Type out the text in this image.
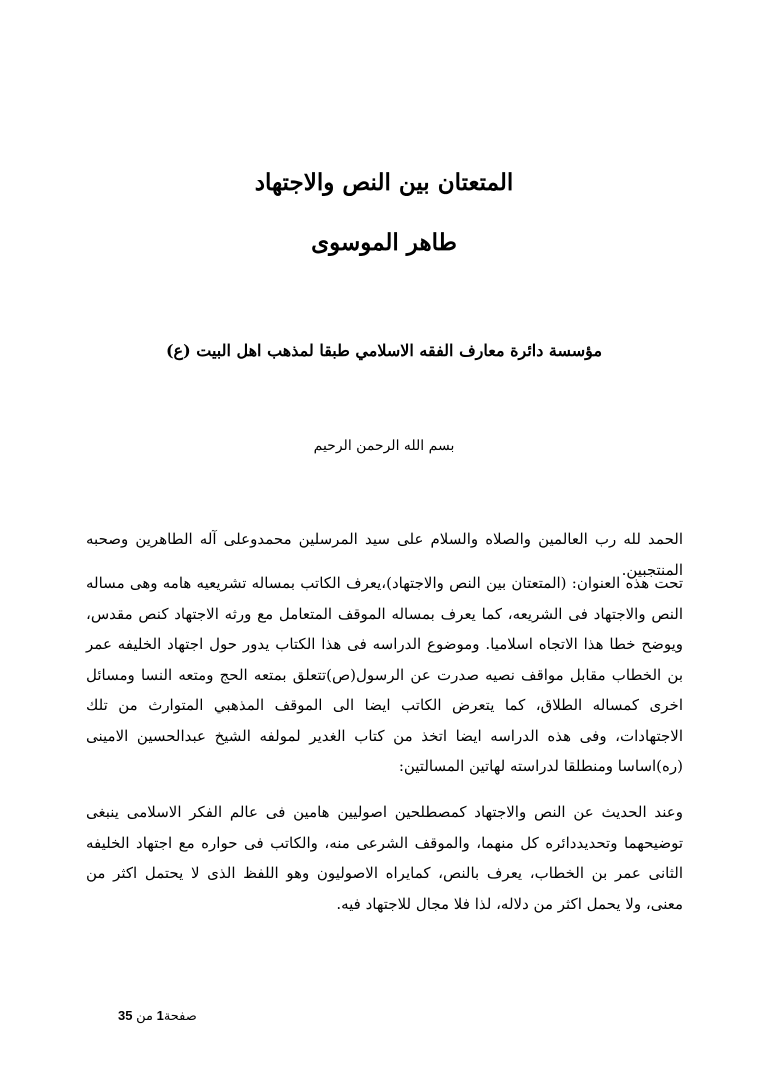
المتعتان بين النص والاجتهاد
طاهر الموسوى
مؤسسة دائرة معارف الفقه الاسلامي طبقا لمذهب اهل البيت (ع)
بسم الله الرحمن الرحيم

الحمد لله رب العالمين والصلاه والسلام على سيد المرسلين محمدوعلى آله الطاهرين وصحبه المنتجبين.

تحت هذه العنوان: (المتعتان بين النص والاجتهاد)،يعرف الكاتب بمساله تشريعيه هامه وهى مساله النص والاجتهاد فى الشريعه، كما يعرف بمساله الموقف المتعامل مع ورثه الاجتهاد كنص مقدس، ويوضح خطا هذا الاتجاه اسلاميا. وموضوع الدراسه فى هذا الكتاب يدور حول اجتهاد الخليفه عمر بن الخطاب مقابل مواقف نصيه صدرت عن الرسول(ص)تتعلق بمتعه الحج ومتعه النسا ومسائل اخرى كمساله الطلاق، كما يتعرض الكاتب ايضا الى الموقف المذهبي المتوارث من تلك الاجتهادات، وفى هذه الدراسه ايضا اتخذ من كتاب الغدير لمولفه الشيخ عبدالحسين الامينى (ره)اساسا ومنطلقا لدراسته لهاتين المسالتين:

وعند الحديث عن النص والاجتهاد كمصطلحين اصوليين هامين فى عالم الفكر الاسلامى ينبغى توضيحهما وتحديددائره كل منهما، والموقف الشرعى منه، والكاتب فى حواره مع اجتهاد الخليفه الثانى عمر بن الخطاب، يعرف بالنص، كمايراه الاصوليون وهو اللفظ الذى لا يحتمل اكثر من معنى، ولا يحمل اكثر من دلاله، لذا فلا مجال للاجتهاد فيه.

صفحة1 من 35
